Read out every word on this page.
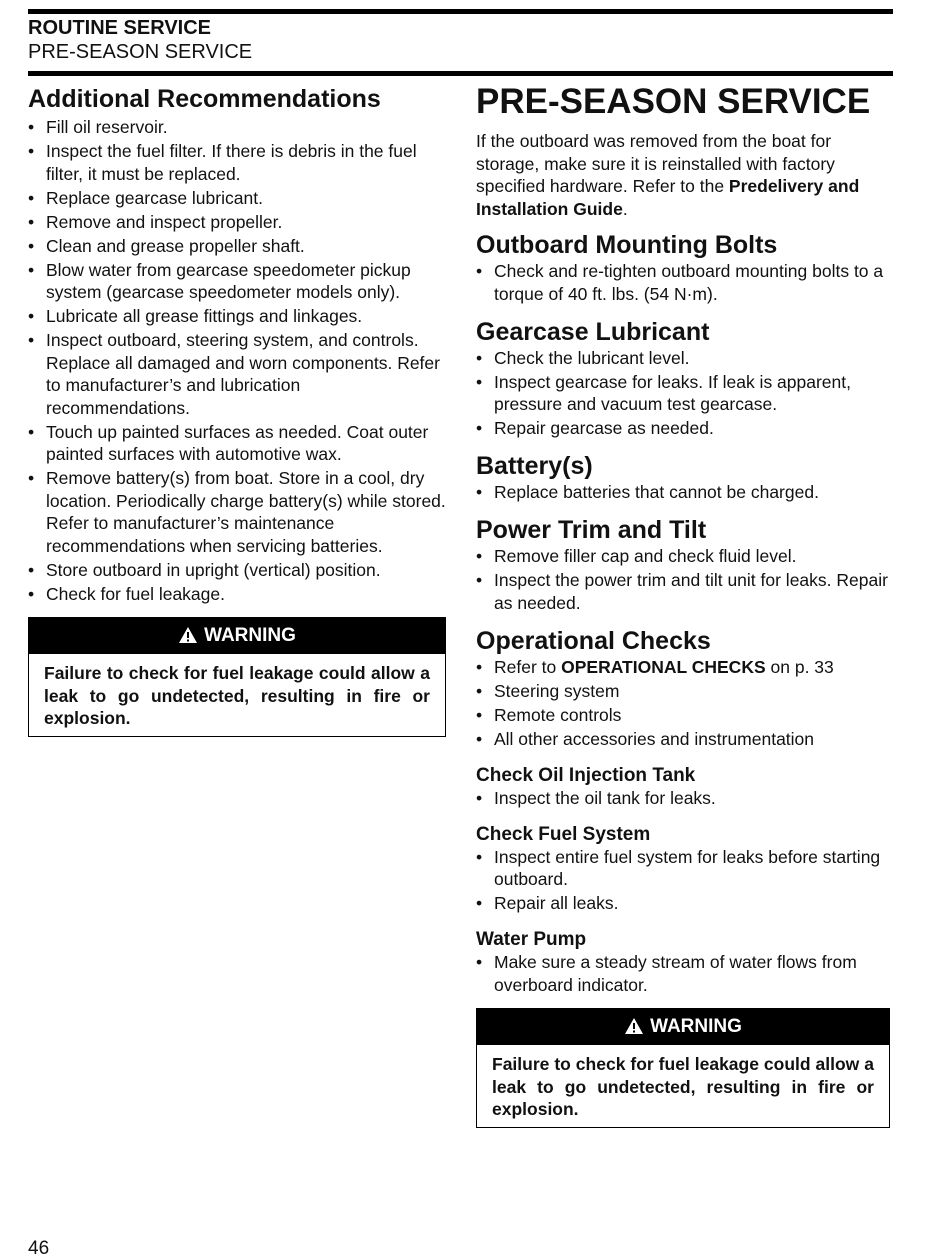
ROUTINE SERVICE
PRE-SEASON SERVICE
Additional Recommendations
• Fill oil reservoir.
• Inspect the fuel filter. If there is debris in the fuel filter, it must be replaced.
• Replace gearcase lubricant.
• Remove and inspect propeller.
• Clean and grease propeller shaft.
• Blow water from gearcase speedometer pickup system (gearcase speedometer models only).
• Lubricate all grease fittings and linkages.
• Inspect outboard, steering system, and controls. Replace all damaged and worn components. Refer to manufacturer’s and lubrication recommendations.
• Touch up painted surfaces as needed. Coat outer painted surfaces with automotive wax.
• Remove battery(s) from boat. Store in a cool, dry location. Periodically charge battery(s) while stored. Refer to manufacturer’s maintenance recommendations when servicing batteries.
• Store outboard in upright (vertical) position.
• Check for fuel leakage.
WARNING
Failure to check for fuel leakage could allow a leak to go undetected, resulting in fire or explosion.
PRE-SEASON SERVICE

If the outboard was removed from the boat for storage, make sure it is reinstalled with factory specified hardware. Refer to the Predelivery and Installation Guide.

Outboard Mounting Bolts
• Check and re-tighten outboard mounting bolts to a torque of 40 ft. lbs. (54 N·m).
Gearcase Lubricant
• Check the lubricant level.
• Inspect gearcase for leaks. If leak is apparent, pressure and vacuum test gearcase.
• Repair gearcase as needed.
Battery(s)
• Replace batteries that cannot be charged.
Power Trim and Tilt
• Remove filler cap and check fluid level.
• Inspect the power trim and tilt unit for leaks. Repair as needed.
Operational Checks
• Refer to OPERATIONAL CHECKS on p. 33
• Steering system
• Remote controls
• All other accessories and instrumentation
Check Oil Injection Tank
• Inspect the oil tank for leaks.
Check Fuel System
• Inspect entire fuel system for leaks before starting outboard.
• Repair all leaks.
Water Pump
• Make sure a steady stream of water flows from overboard indicator.
WARNING
Failure to check for fuel leakage could allow a leak to go undetected, resulting in fire or explosion.
46
